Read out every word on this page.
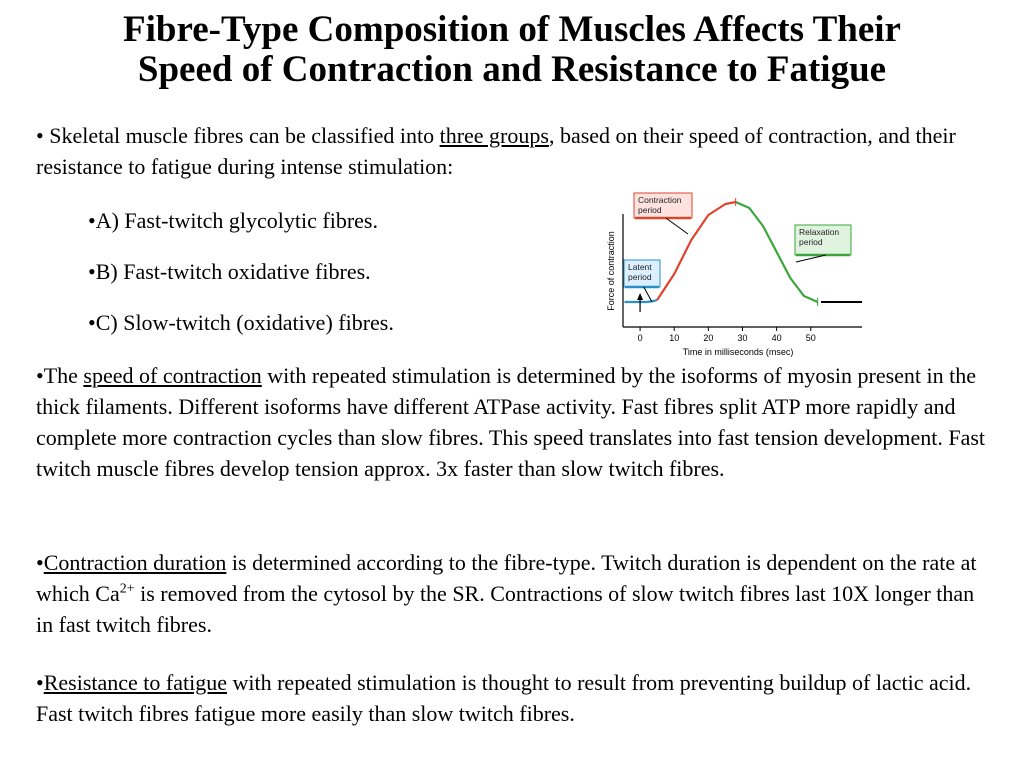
Fibre-Type Composition of Muscles Affects Their
Speed of Contraction and Resistance to Fatigue

• Skeletal muscle fibres can be classified into three groups, based on their speed of contraction, and their resistance to fatigue during intense stimulation:

•A) Fast-twitch glycolytic fibres.

•B) Fast-twitch oxidative fibres.

•C) Slow-twitch (oxidative) fibres.

Force of contraction
Time in milliseconds (msec)
0	10	20	30	40	50
Contraction
period
Relaxation
period
Latent
period

•The speed of contraction with repeated stimulation is determined by the isoforms of myosin present in the thick filaments. Different isoforms have different ATPase activity. Fast fibres split ATP more rapidly and complete more contraction cycles than slow fibres. This speed translates into fast tension development. Fast twitch muscle fibres develop tension approx. 3x faster than slow twitch fibres.

•Contraction duration is determined according to the fibre-type. Twitch duration is dependent on the rate at which $Ca^{2+}$ is removed from the cytosol by the SR. Contractions of slow twitch fibres last 10X longer than in fast twitch fibres.

•Resistance to fatigue with repeated stimulation is thought to result from preventing buildup of lactic acid. Fast twitch fibres fatigue more easily than slow twitch fibres.
